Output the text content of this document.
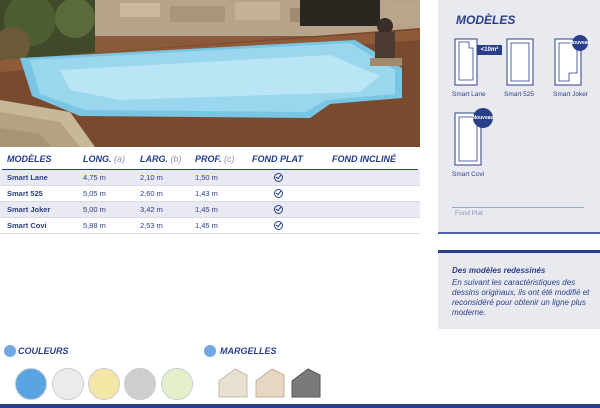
MODÈLES	LONG. (a) LARG. (b) PROF. (c) FOND PLAT	FOND INCLINÉ
Smart Lane	4,75 m	2,10 m	1,50 m
Smart 525	5,05 m	2,60 m	1,43 m
Smart Joker	5,00 m	3,42 m	1,45 m
Smart Covi	5,88 m	2,53 m	1,45 m
MODÈLES
<10m²
Smart Lane	Smart 525
Nouveau
Smart Joker
Nouveau
Smart Covi
Fond Plat
Des modèles redessinés
En suivant les caractéristiques des dessins originaux, ils ont été modifié et reconsidéré pour obtenir un ligne plus moderne.
COULEURS	MARGELLES
